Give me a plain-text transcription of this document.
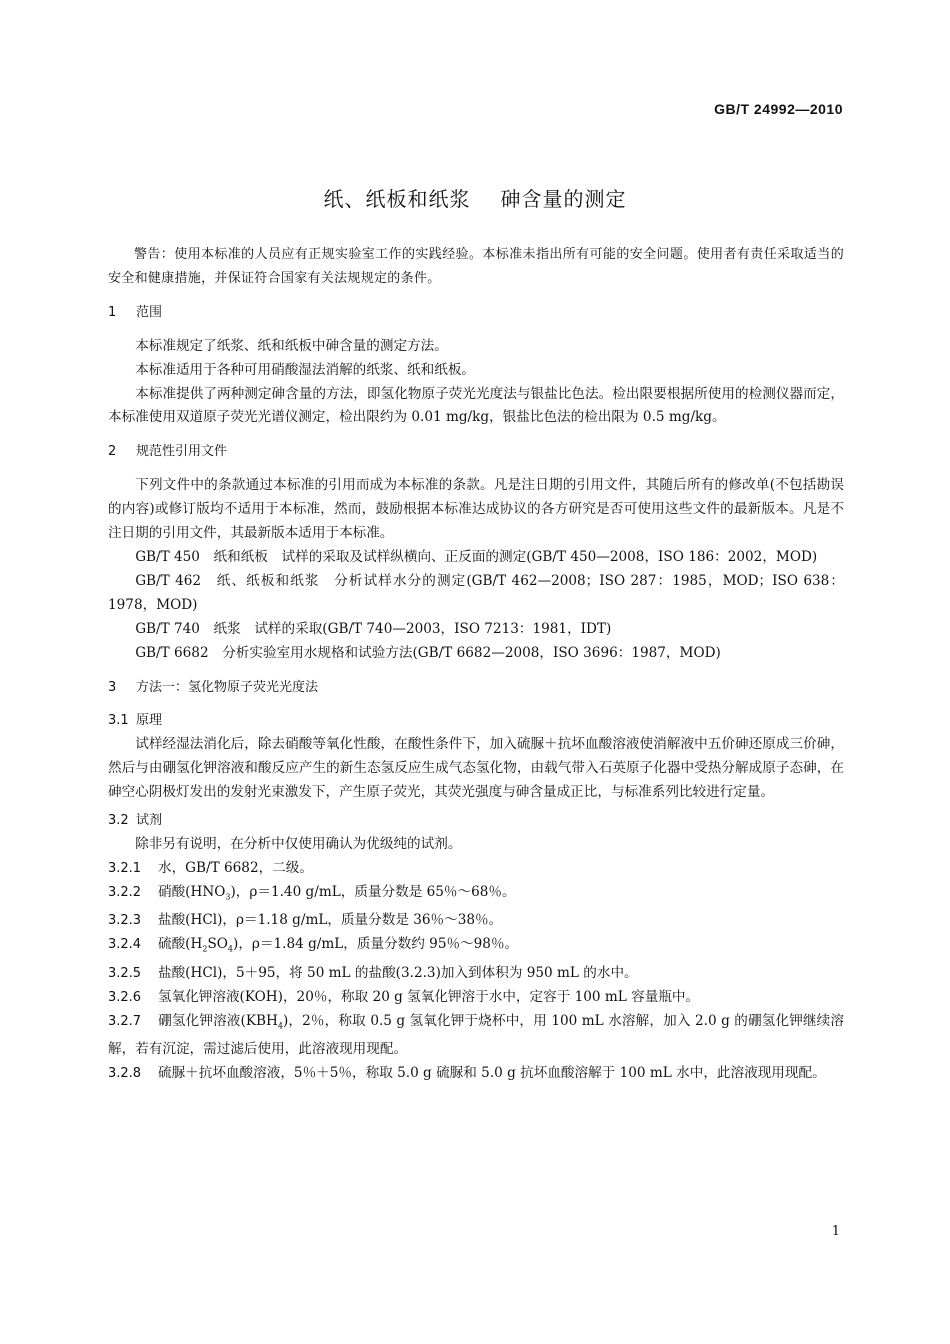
GB/T 24992—2010
纸、纸板和纸浆 砷含量的测定

警告：使用本标准的人员应有正规实验室工作的实践经验。本标准未指出所有可能的安全问题。使用者有责任采取适当的安全和健康措施，并保证符合国家有关法规规定的条件。

1 范围

本标准规定了纸浆、纸和纸板中砷含量的测定方法。

本标准适用于各种可用硝酸湿法消解的纸浆、纸和纸板。

本标准提供了两种测定砷含量的方法，即氢化物原子荧光光度法与银盐比色法。检出限要根据所使用的检测仪器而定，本标准使用双道原子荧光光谱仪测定，检出限约为 0.01 mg/kg，银盐比色法的检出限为 0.5 mg/kg。

2 规范性引用文件

下列文件中的条款通过本标准的引用而成为本标准的条款。凡是注日期的引用文件，其随后所有的修改单(不包括勘误的内容)或修订版均不适用于本标准，然而，鼓励根据本标准达成协议的各方研究是否可使用这些文件的最新版本。凡是不注日期的引用文件，其最新版本适用于本标准。

GB/T 450　纸和纸板　试样的采取及试样纵横向、正反面的测定(GB/T 450—2008，ISO 186：2002，MOD)

GB/T 462　纸、纸板和纸浆　分析试样水分的测定(GB/T 462—2008；ISO 287：1985，MOD；ISO 638：1978，MOD)

GB/T 740　纸浆　试样的采取(GB/T 740—2003，ISO 7213：1981，IDT)

GB/T 6682　分析实验室用水规格和试验方法(GB/T 6682—2008，ISO 3696：1987，MOD)

3 方法一：氢化物原子荧光光度法

3.1 原理

试样经湿法消化后，除去硝酸等氧化性酸，在酸性条件下，加入硫脲＋抗坏血酸溶液使消解液中五价砷还原成三价砷，然后与由硼氢化钾溶液和酸反应产生的新生态氢反应生成气态氢化物，由载气带入石英原子化器中受热分解成原子态砷，在砷空心阴极灯发出的发射光束激发下，产生原子荧光，其荧光强度与砷含量成正比，与标准系列比较进行定量。

3.2 试剂

除非另有说明，在分析中仅使用确认为优级纯的试剂。

3.2.1 水，GB/T 6682，二级。

3.2.2 硝酸$(HNO_3)$，ρ＝1.40 g/mL，质量分数是 65％～68％。

3.2.3 盐酸(HCl)，ρ＝1.18 g/mL，质量分数是 36％～38％。

3.2.4 硫酸$(H_2SO_4)$，ρ＝1.84 g/mL，质量分数约 95％～98％。

3.2.5 盐酸(HCl)，5＋95，将 50 mL 的盐酸(3.2.3)加入到体积为 950 mL 的水中。

3.2.6 氢氧化钾溶液(KOH)，20％，称取 20 g 氢氧化钾溶于水中，定容于 100 mL 容量瓶中。

3.2.7 硼氢化钾溶液$(KBH_4)$，2％，称取 0.5 g 氢氧化钾于烧杯中，用 100 mL 水溶解，加入 2.0 g 的硼氢化钾继续溶解，若有沉淀，需过滤后使用，此溶液现用现配。

3.2.8 硫脲＋抗坏血酸溶液，5％＋5％，称取 5.0 g 硫脲和 5.0 g 抗坏血酸溶解于 100 mL 水中，此溶液现用现配。

1
